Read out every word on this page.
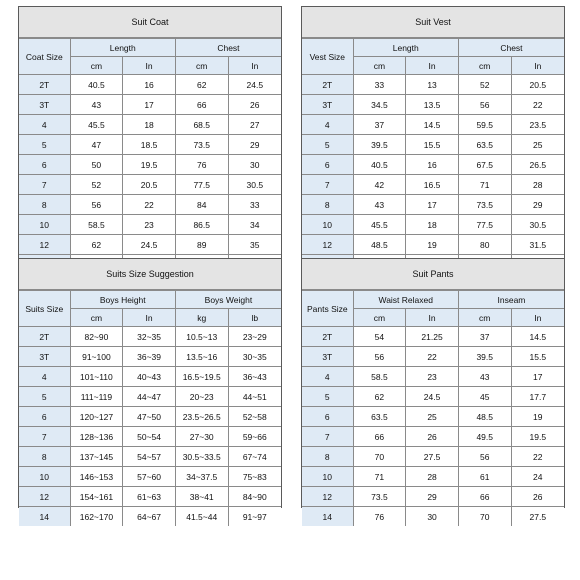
Suit Coat
Coat Size	Length		Chest	
	cm	In	cm	In
2T	40.5	16	62	24.5
3T	43	17	66	26
4	45.5	18	68.5	27
5	47	18.5	73.5	29
6	50	19.5	76	30
7	52	20.5	77.5	30.5
8	56	22	84	33
10	58.5	23	86.5	34
12	62	24.5	89	35

Suit Vest
Vest Size	Length		Chest	
	cm	In	cm	In
2T	33	13	52	20.5
3T	34.5	13.5	56	22
4	37	14.5	59.5	23.5
5	39.5	15.5	63.5	25
6	40.5	16	67.5	26.5
7	42	16.5	71	28
8	43	17	73.5	29
10	45.5	18	77.5	30.5
12	48.5	19	80	31.5

Suits Size Suggestion
Suits Size	Boys Height		Boys Weight	
	cm	In	kg	lb
2T	82~90	32~35	10.5~13	23~29
3T	91~100	36~39	13.5~16	30~35
4	101~110	40~43	16.5~19.5	36~43
5	111~119	44~47	20~23	44~51
6	120~127	47~50	23.5~26.5	52~58
7	128~136	50~54	27~30	59~66
8	137~145	54~57	30.5~33.5	67~74
10	146~153	57~60	34~37.5	75~83
12	154~161	61~63	38~41	84~90
14	162~170	64~67	41.5~44	91~97
Suit Pants
Pants Size	Waist Relaxed		Inseam	
	cm	In	cm	In
2T	54	21.25	37	14.5
3T	56	22	39.5	15.5
4	58.5	23	43	17
5	62	24.5	45	17.7
6	63.5	25	48.5	19
7	66	26	49.5	19.5
8	70	27.5	56	22
10	71	28	61	24
12	73.5	29	66	26
14	76	30	70	27.5
